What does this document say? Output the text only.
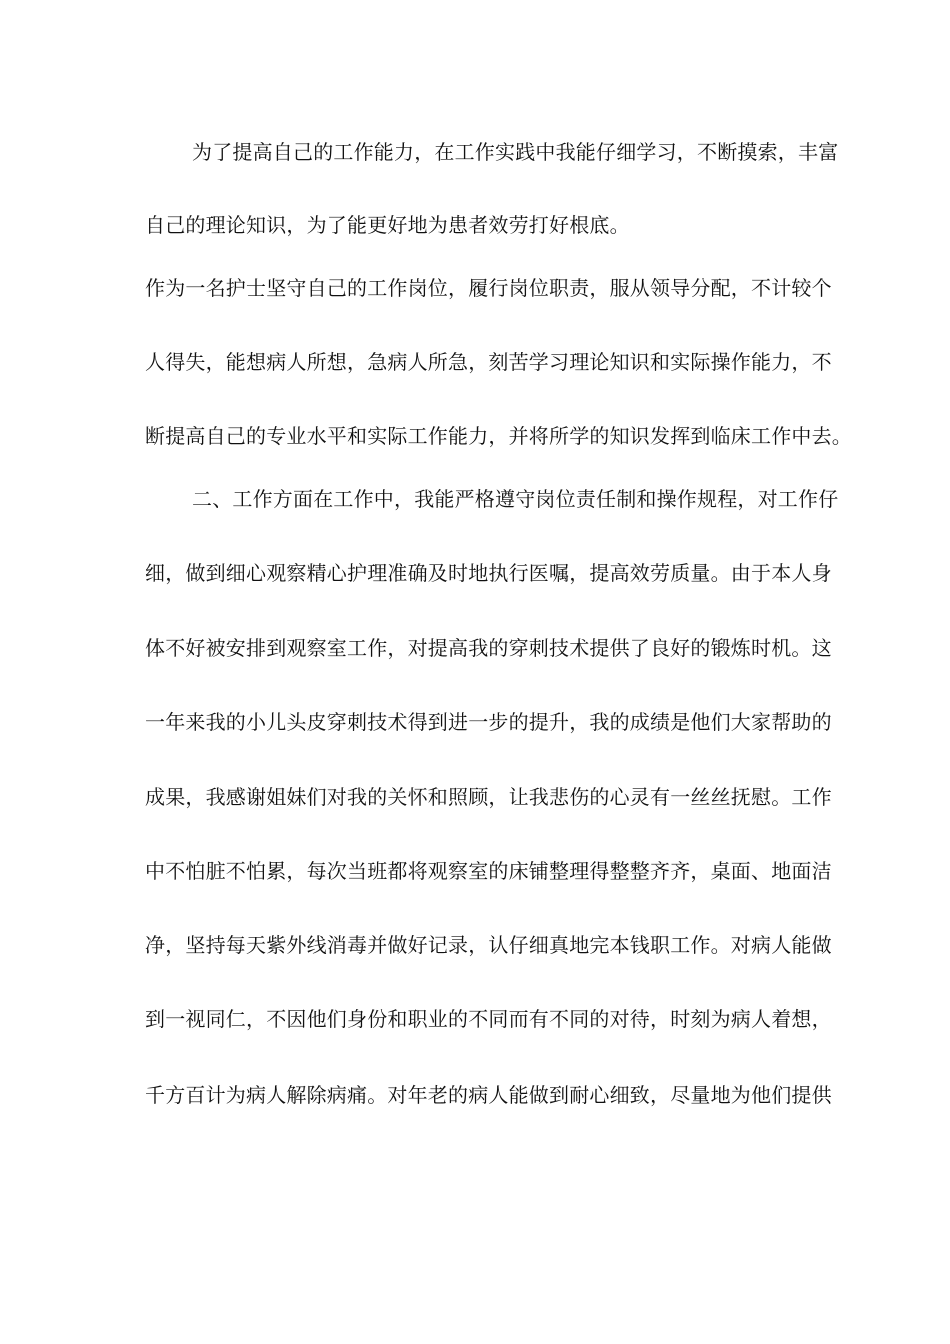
为了提高自己的工作能力，在工作实践中我能仔细学习，不断摸索，丰富
自己的理论知识，为了能更好地为患者效劳打好根底。
作为一名护士坚守自己的工作岗位，履行岗位职责，服从领导分配，不计较个
人得失，能想病人所想，急病人所急，刻苦学习理论知识和实际操作能力，不
断提高自己的专业水平和实际工作能力，并将所学的知识发挥到临床工作中去。
二、工作方面在工作中，我能严格遵守岗位责任制和操作规程，对工作仔
细，做到细心观察精心护理准确及时地执行医嘱，提高效劳质量。由于本人身
体不好被安排到观察室工作，对提高我的穿刺技术提供了良好的锻炼时机。这
一年来我的小儿头皮穿刺技术得到进一步的提升，我的成绩是他们大家帮助的
成果，我感谢姐妹们对我的关怀和照顾，让我悲伤的心灵有一丝丝抚慰。工作
中不怕脏不怕累，每次当班都将观察室的床铺整理得整整齐齐，桌面、地面洁
净，坚持每天紫外线消毒并做好记录，认仔细真地完本钱职工作。对病人能做
到一视同仁，不因他们身份和职业的不同而有不同的对待，时刻为病人着想，
千方百计为病人解除病痛。对年老的病人能做到耐心细致，尽量地为他们提供
